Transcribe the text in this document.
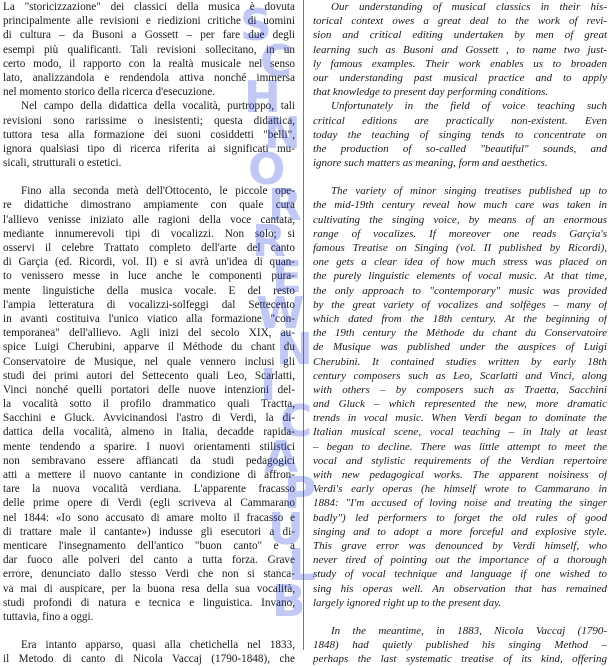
La "storicizzazione" dei classici della musica è dovuta
principalmente alle revisioni e riedizioni critiche di uomini
di cultura – da Busoni a Gossett – per fare due degli
esempi più qualificanti. Tali revisioni sollecitano, in un
certo modo, il rapporto con la realtà musicale nel senso
lato, analizzandola e rendendola attiva nonché immersa
nel momento storico della ricerca d'esecuzione.
Nel campo della didattica della vocalità, purtroppo, tali
revisioni sono rarissime o inesistenti; questa didattica,
tuttora tesa alla formazione dei suoni cosiddetti "belli",
ignora qualsiasi tipo di ricerca riferita ai significati mu-
sicali, strutturali o estetici.
Fino alla seconda metà dell'Ottocento, le piccole ope-
re didattiche dimostrano ampiamente con quale cura
l'allievo venisse iniziato alle ragioni della voce cantata,
mediante innumerevoli tipi di vocalizzi. Non solo; si
osservi il celebre Trattato completo dell'arte del canto
di Garçia (ed. Ricordi, vol. II) e si avrà un'idea di quan-
to venissero messe in luce anche le componenti pura-
mente linguistiche della musica vocale. E del resto
l'ampia letteratura di vocalizzi-solfeggi dal Settecento
in avanti costituiva l'unico viatico alla formazione "con-
temporanea" dell'allievo. Agli inizi del secolo XIX, au-
spice Luigi Cherubini, apparve il Méthode du chant du
Conservatoire de Musique, nel quale vennero inclusi gli
studi dei primi autori del Settecento quali Leo, Scarlatti,
Vinci nonché quelli portatori delle nuove intenzioni del-
la vocalità sotto il profilo drammatico quali Tractta,
Sacchini e Gluck. Avvicinandosi l'astro di Verdi, la di-
dattica della vocalità, almeno in Italia, decadde rapida-
mente tendendo a sparire. I nuovi orientamenti stilistici
non sembravano essere affiancati da studi pedagogici
atti a mettere il nuovo cantante in condizione di affron-
tare la nuova vocalità verdiana. L'apparente fracasso
delle prime opere di Verdi (egli scriveva al Cammarano
nel 1844: «Io sono accusato di amare molto il fracasso e
di trattare male il cantante») indusse gli esecutori a di-
menticare l'insegnamento dell'antico "buon canto" e a
dar fuoco alle polveri del canto a tutta forza. Grave
errore, denunciato dallo stesso Verdi che non si stanca-
va mai di auspicare, per la buona resa della sua vocalità,
studi profondi di natura e tecnica e linguistica. Invano,
tuttavia, fino a oggi.
Era intanto apparso, quasi alla chetichella nel 1833,
il Metodo di canto di Nicola Vaccaj (1790-1848), che
Our understanding of musical classics in their his-
torical context owes a great deal to the work of revi-
sion and critical editing undertaken by men of great
learning such as Busoni and Gossett , to name two just-
ly famous examples. Their work enables us to broaden
our understanding past musical practice and to apply
that knowledge to present day performing conditions.
Unfortunately in the field of voice teaching such
critical editions are practically non-existent. Even
today the teaching of singing tends to concentrate on
the production of so-called "beautiful" sounds, and
ignore such matters as meaning, form and aesthetics.
The variety of minor singing treatises published up to
the mid-19th century reveal how much care was taken in
cultivating the singing voice, by means of an enormous
range of vocalizes. If moreover one reads Garçia's
famous Treatise on Singing (vol. II published by Ricordi),
one gets a clear idea of how much stress was placed on
the purely linguistic elements of vocal music. At that time,
the only approach to "contemporary" music was provided
by the great variety of vocalizes and solfèges – many of
which dated from the 18th century. At the beginning of
the 19th century the Méthode du chant du Conservatoire
de Musique was published under the auspices of Luigi
Cherubini. It contained studies written by early 18th
century composers such as Leo, Scarlatti and Vinci, along
with others – by composers such as Traetta, Sacchini
and Gluck – which represented the new, more dramatic
trends in vocal music. When Verdi began to dominate the
Italian musical scene, vocal teaching – in Italy at least
– began to decline. There was little attempt to meet the
vocal and stylistic requirements of the Verdian repertoire
with new pedagogical works. The apparent noisiness of
Verdi's early operas (he himself wrote to Cammarano in
1884: "I'm accused of loving noise and treating the singer
badly") led performers to forget the old rules of good
singing and to adopt a more forceful and explosive style.
This grave error was denounced by Verdi himself, who
never tired of pointing out the importance of a thorough
study of vocal technique and language if one wished to
sing his operas well. An observation that has remained
largely ignored right up to the present day.
In the meantime, in 1883, Nicola Vaccaj (1790-
1848) had quietly published his singing Method –
perhaps the last systematic treatise of its kind, offering
S
C
H
N
O
R
R
E
W
N
I
C
A
P
U
L
B
